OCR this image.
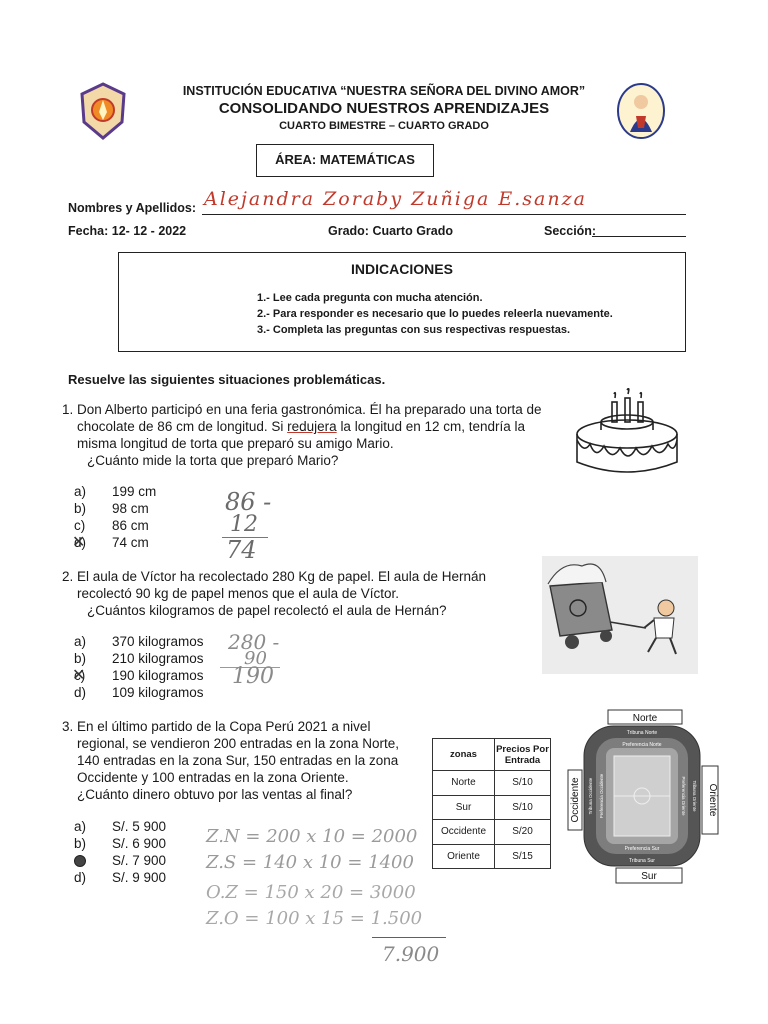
INSTITUCIÓN EDUCATIVA “NUESTRA SEÑORA DEL DIVINO AMOR”
CONSOLIDANDO NUESTROS APRENDIZAJES
CUARTO BIMESTRE – CUARTO GRADO
ÁREA: MATEMÁTICAS
Nombres y Apellidos: Alejandra Zoraby Zuñiga E.sanza
Fecha: 12- 12 - 2022	Grado: Cuarto Grado	Sección:
INDICACIONES
1.- Lee cada pregunta con mucha atención.
2.- Para responder es necesario que lo puedes releerla nuevamente.
3.- Completa las preguntas con sus respectivas respuestas.
Resuelve las siguientes situaciones problemáticas.
1. Don Alberto participó en una feria gastronómica. Él ha preparado una torta de
chocolate de 86 cm de longitud. Si redujera la longitud en 12 cm, tendría la
misma longitud de torta que preparó su amigo Mario.
¿Cuánto mide la torta que preparó Mario?
a)	199 cm
b)	98 cm
c)	86 cm
d) ✕	74 cm
86 -
12
74
2. El aula de Víctor ha recolectado 280 Kg de papel. El aula de Hernán
recolectó 90 kg de papel menos que el aula de Víctor.
¿Cuántos kilogramos de papel recolectó el aula de Hernán?
a)	370 kilogramos
b)	210 kilogramos
c) ✕	190 kilogramos
d)	109 kilogramos
280 -
90
190
3. En el último partido de la Copa Perú 2021 a nivel
regional, se vendieron 200 entradas en la zona Norte,
140 entradas en la zona Sur, 150 entradas en la zona
Occidente y 100 entradas en la zona Oriente.
¿Cuánto dinero obtuvo por las ventas al final?
zonas	Precios Por Entrada
Norte	S/10
Sur	S/10
Occidente	S/20
Oriente	S/15
Norte
Sur
Occidente	Oriente
Tribuna Norte
Preferencia Norte
Preferencia Sur
Tribuna Sur
Tribuna Occidente Preferencia Occidente	Preferencia Oriente Tribuna Oriente
a)	S/. 5 900
b)	S/. 6 900
S/. 7 900
d)	S/. 9 900
Z.N = 200 x 10 = 2000
Z.S = 140 x 10 = 1400
O.Z = 150 x 20 = 3000
Z.O = 100 x 15 = 1.500
7.900
